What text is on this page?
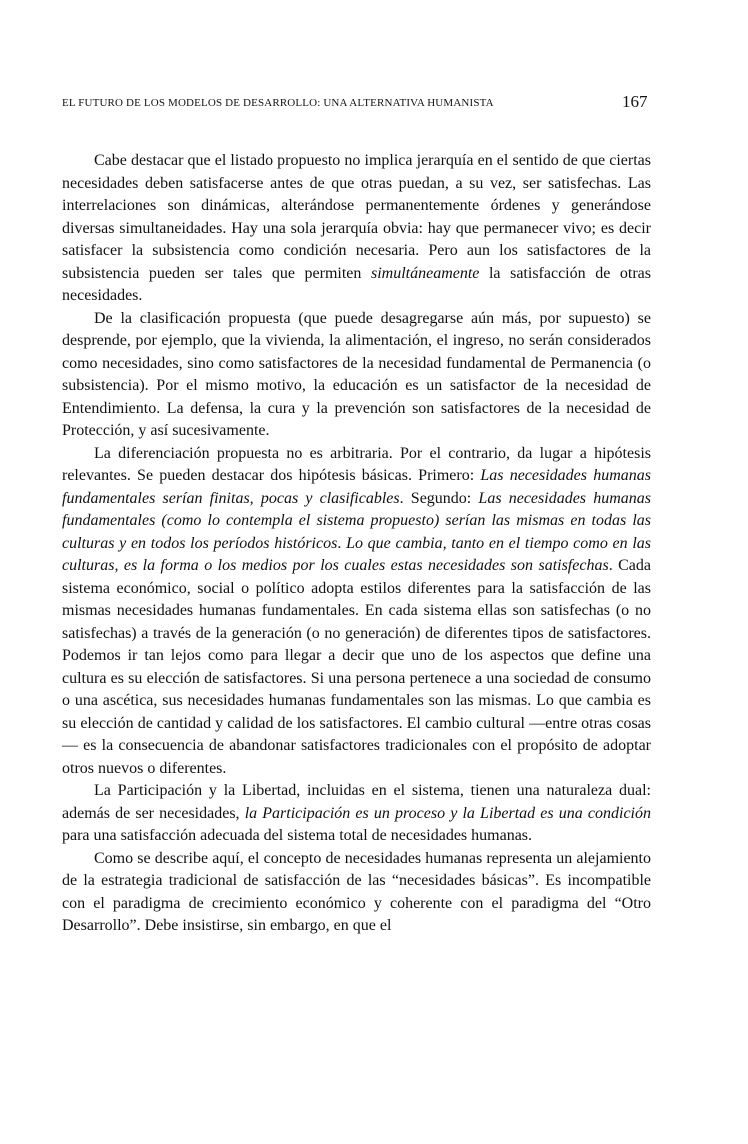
EL FUTURO DE LOS MODELOS DE DESARROLLO: UNA ALTERNATIVA HUMANISTA	167

Cabe destacar que el listado propuesto no implica jerarquía en el sentido de que ciertas necesidades deben satisfacerse antes de que otras puedan, a su vez, ser satisfechas. Las interrelaciones son dinámicas, alterándose permanentemente órdenes y generándose diversas simultaneidades. Hay una sola jerarquía obvia: hay que permanecer vivo; es decir satisfacer la subsistencia como condición necesaria. Pero aun los satisfactores de la subsistencia pueden ser tales que permiten simultáneamente la satisfacción de otras necesidades.

De la clasificación propuesta (que puede desagregarse aún más, por supuesto) se desprende, por ejemplo, que la vivienda, la alimentación, el ingreso, no serán considerados como necesidades, sino como satisfactores de la necesidad fundamental de Permanencia (o subsistencia). Por el mismo motivo, la educación es un satisfactor de la necesidad de Entendimiento. La defensa, la cura y la prevención son satisfactores de la necesidad de Protección, y así sucesivamente.

La diferenciación propuesta no es arbitraria. Por el contrario, da lugar a hipótesis relevantes. Se pueden destacar dos hipótesis básicas. Primero: Las necesidades humanas fundamentales serían finitas, pocas y clasificables. Segundo: Las necesidades humanas fundamentales (como lo contempla el sistema propuesto) serían las mismas en todas las culturas y en todos los períodos históricos. Lo que cambia, tanto en el tiempo como en las culturas, es la forma o los medios por los cuales estas necesidades son satisfechas. Cada sistema económico, social o político adopta estilos diferentes para la satisfacción de las mismas necesidades humanas fundamentales. En cada sistema ellas son satisfechas (o no satisfechas) a través de la generación (o no generación) de diferentes tipos de satisfactores. Podemos ir tan lejos como para llegar a decir que uno de los aspectos que define una cultura es su elección de satisfactores. Si una persona pertenece a una sociedad de consumo o una ascética, sus necesidades humanas fundamentales son las mismas. Lo que cambia es su elección de cantidad y calidad de los satisfactores. El cambio cultural —entre otras cosas— es la consecuencia de abandonar satisfactores tradicionales con el propósito de adoptar otros nuevos o diferentes.

La Participación y la Libertad, incluidas en el sistema, tienen una naturaleza dual: además de ser necesidades, la Participación es un proceso y la Libertad es una condición para una satisfacción adecuada del sistema total de necesidades humanas.

Como se describe aquí, el concepto de necesidades humanas representa un alejamiento de la estrategia tradicional de satisfacción de las “necesidades básicas”. Es incompatible con el paradigma de crecimiento económico y coherente con el paradigma del “Otro Desarrollo”. Debe insistirse, sin embargo, en que el
